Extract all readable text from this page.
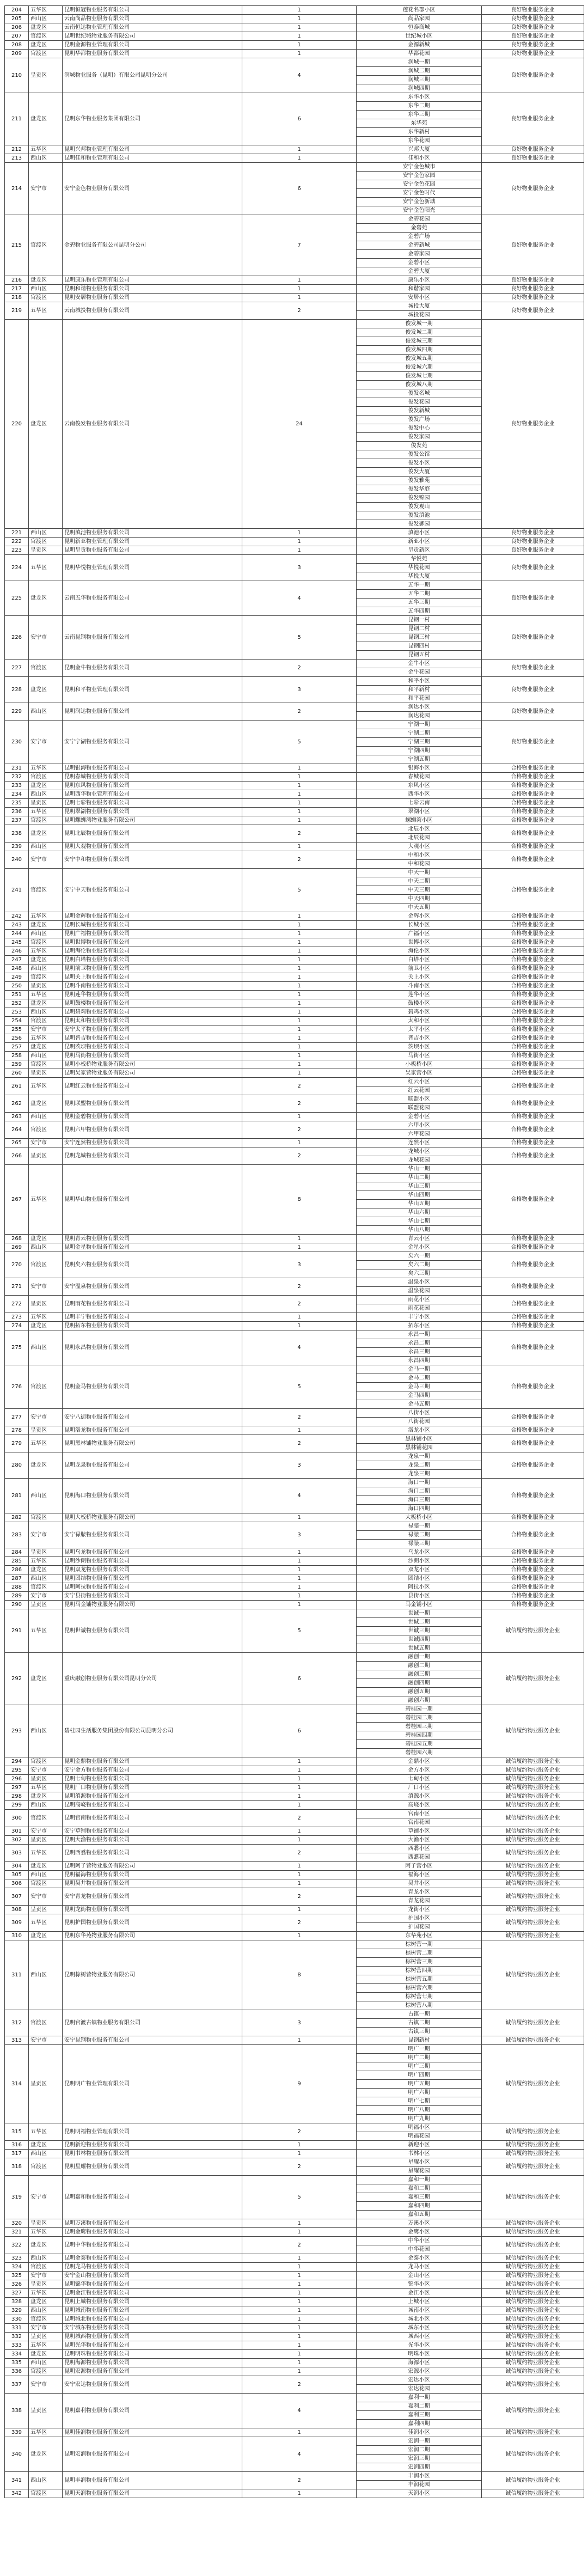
204	五华区	昆明恒冠物业服务有限公司	1	莲花名郡小区	良好物业服务企业
205	西山区	云南尚品物业服务有限公司	1	尚品家园	良好物业服务企业
206	盘龙区	云南恒达物业管理有限公司	1	恒泰商城	良好物业服务企业
207	官渡区	昆明世纪城物业服务有限公司	1	世纪城小区	良好物业服务企业
208	盘龙区	昆明金源物业管理有限公司	1	金源新城	良好物业服务企业
209	官渡区	昆明华都物业服务有限公司	1	华都花园	良好物业服务企业
210	呈贡区	润城物业服务（昆明）有限公司昆明分公司	4	润城一期	良好物业服务企业
				润城二期	
				润城三期	
				润城四期	
211	盘龙区	昆明东华物业服务集团有限公司	6	东华小区	良好物业服务企业
				东华二期	
				东华三期	
				东华苑	
				东华新村	
				东华花园	
212	五华区	昆明兴邦物业管理有限公司	1	兴邦大厦	良好物业服务企业
213	西山区	昆明佳和物业管理有限公司	1	佳和小区	良好物业服务企业
214	安宁市	安宁金色物业服务有限公司	6	安宁金色城市	良好物业服务企业
				安宁金色家园	
				安宁金色花园	
				安宁金色时代	
				安宁金色新城	
				安宁金色阳光	
215	官渡区	金碧物业服务有限公司昆明分公司	7	金碧花园	良好物业服务企业
				金碧苑	
				金碧广场	
				金碧新城	
				金碧家园	
				金碧小区	
				金碧大厦	
216	盘龙区	昆明康乐物业管理有限公司	1	康乐小区	良好物业服务企业
217	西山区	昆明和谐物业服务有限公司	1	和谐家园	良好物业服务企业
218	官渡区	昆明安居物业服务有限公司	1	安居小区	良好物业服务企业
219	五华区	云南城投物业服务有限公司	2	城投大厦	良好物业服务企业
				城投花园	
220	盘龙区	云南俊发物业服务有限公司	24	俊发城一期	良好物业服务企业
				俊发城二期	
				俊发城三期	
				俊发城四期	
				俊发城五期	
				俊发城六期	
				俊发城七期	
				俊发城八期	
				俊发名城	
				俊发花园	
				俊发新城	
				俊发广场	
				俊发中心	
				俊发家园	
				俊发苑	
				俊发公馆	
				俊发小区	
				俊发大厦	
				俊发雅苑	
				俊发华庭	
				俊发锦园	
				俊发观山	
				俊发滇池	
				俊发御园	
221	西山区	昆明滇池物业服务有限公司	1	滇池小区	良好物业服务企业
222	官渡区	昆明新亚物业管理有限公司	1	新亚小区	良好物业服务企业
223	呈贡区	昆明呈贡物业服务有限公司	1	呈贡新区	良好物业服务企业
224	五华区	昆明华悦物业管理有限公司	3	华悦苑	良好物业服务企业
				华悦花园	
				华悦大厦	
225	盘龙区	云南五华物业服务有限公司	4	五华一期	良好物业服务企业
				五华二期	
				五华三期	
				五华四期	
226	安宁市	云南昆钢物业服务有限公司	5	昆钢一村	良好物业服务企业
				昆钢二村	
				昆钢三村	
				昆钢四村	
				昆钢五村	
227	官渡区	昆明金牛物业服务有限公司	2	金牛小区	良好物业服务企业
				金牛花园	
228	盘龙区	昆明和平物业管理有限公司	3	和平小区	良好物业服务企业
				和平新村	
				和平花园	
229	西山区	昆明润达物业服务有限公司	2	润达小区	良好物业服务企业
				润达花园	
230	安宁市	安宁宁湖物业服务有限公司	5	宁湖一期	良好物业服务企业
				宁湖二期	
				宁湖三期	
				宁湖四期	
				宁湖五期	
231	五华区	昆明银海物业服务有限公司	1	银海小区	合格物业服务企业
232	官渡区	昆明春城物业服务有限公司	1	春城花园	合格物业服务企业
233	盘龙区	昆明东风物业服务有限公司	1	东风小区	合格物业服务企业
234	西山区	昆明西华物业管理有限公司	1	西华小区	合格物业服务企业
235	呈贡区	昆明七彩物业服务有限公司	1	七彩云南	合格物业服务企业
236	五华区	昆明翠湖物业服务有限公司	1	翠湖小区	合格物业服务企业
237	官渡区	昆明螺蛳湾物业服务有限公司	1	螺蛳湾小区	合格物业服务企业
238	盘龙区	昆明北辰物业服务有限公司	2	北辰小区	合格物业服务企业
				北辰花园	
239	西山区	昆明大观物业服务有限公司	1	大观小区	合格物业服务企业
240	安宁市	安宁中和物业服务有限公司	2	中和小区	合格物业服务企业
				中和花园	
241	官渡区	安宁中天物业服务有限公司	5	中天一期	合格物业服务企业
				中天二期	
				中天三期	
				中天四期	
				中天五期	
242	五华区	昆明金辉物业服务有限公司	1	金辉小区	合格物业服务企业
243	盘龙区	昆明长城物业服务有限公司	1	长城小区	合格物业服务企业
244	西山区	昆明广福物业服务有限公司	1	广福小区	合格物业服务企业
245	官渡区	昆明世博物业服务有限公司	1	世博小区	合格物业服务企业
246	五华区	昆明海伦物业服务有限公司	1	海伦小区	合格物业服务企业
247	盘龙区	昆明白塔物业服务有限公司	1	白塔小区	合格物业服务企业
248	西山区	昆明前卫物业服务有限公司	1	前卫小区	合格物业服务企业
249	官渡区	昆明关上物业服务有限公司	1	关上小区	合格物业服务企业
250	呈贡区	昆明斗南物业服务有限公司	1	斗南小区	合格物业服务企业
251	五华区	昆明莲华物业服务有限公司	1	莲华小区	合格物业服务企业
252	盘龙区	昆明鼓楼物业服务有限公司	1	鼓楼小区	合格物业服务企业
253	西山区	昆明碧鸡物业服务有限公司	1	碧鸡小区	合格物业服务企业
254	官渡区	昆明太和物业服务有限公司	1	太和小区	合格物业服务企业
255	安宁市	安宁太平物业服务有限公司	1	太平小区	合格物业服务企业
256	五华区	昆明普吉物业服务有限公司	1	普吉小区	合格物业服务企业
257	盘龙区	昆明茨坝物业服务有限公司	1	茨坝小区	合格物业服务企业
258	西山区	昆明马街物业服务有限公司	1	马街小区	合格物业服务企业
259	官渡区	昆明小板桥物业服务有限公司	1	小板桥小区	合格物业服务企业
260	呈贡区	昆明吴家营物业服务有限公司	1	吴家营小区	合格物业服务企业
261	五华区	昆明红云物业服务有限公司	2	红云小区	合格物业服务企业
				红云花园	
262	盘龙区	昆明联盟物业服务有限公司	2	联盟小区	合格物业服务企业
				联盟花园	
263	西山区	昆明金碧物业服务有限公司	1	金碧小区	合格物业服务企业
264	官渡区	昆明六甲物业服务有限公司	2	六甲小区	合格物业服务企业
				六甲花园	
265	安宁市	安宁连然物业服务有限公司	1	连然小区	合格物业服务企业
266	呈贡区	昆明龙城物业服务有限公司	2	龙城小区	合格物业服务企业
				龙城花园	
267	五华区	昆明华山物业服务有限公司	8	华山一期	合格物业服务企业
				华山二期	
				华山三期	
				华山四期	
				华山五期	
				华山六期	
				华山七期	
				华山八期	
268	盘龙区	昆明青云物业服务有限公司	1	青云小区	合格物业服务企业
269	西山区	昆明金星物业服务有限公司	1	金星小区	合格物业服务企业
270	官渡区	昆明矣六物业服务有限公司	3	矣六一期	合格物业服务企业
				矣六二期	
				矣六三期	
271	安宁市	安宁温泉物业服务有限公司	2	温泉小区	合格物业服务企业
				温泉花园	
272	呈贡区	昆明雨花物业服务有限公司	2	雨花小区	合格物业服务企业
				雨花花园	
273	五华区	昆明丰宁物业服务有限公司	1	丰宁小区	合格物业服务企业
274	盘龙区	昆明拓东物业服务有限公司	1	拓东小区	合格物业服务企业
275	西山区	昆明永昌物业服务有限公司	4	永昌一期	合格物业服务企业
				永昌二期	
				永昌三期	
				永昌四期	
276	官渡区	昆明金马物业服务有限公司	5	金马一期	合格物业服务企业
				金马二期	
				金马三期	
				金马四期	
				金马五期	
277	安宁市	安宁八街物业服务有限公司	2	八街小区	合格物业服务企业
				八街花园	
278	呈贡区	昆明洛龙物业服务有限公司	1	洛龙小区	合格物业服务企业
279	五华区	昆明黑林铺物业服务有限公司	2	黑林铺小区	合格物业服务企业
				黑林铺花园	
280	盘龙区	昆明龙泉物业服务有限公司	3	龙泉一期	合格物业服务企业
				龙泉二期	
				龙泉三期	
281	西山区	昆明海口物业服务有限公司	4	海口一期	合格物业服务企业
				海口二期	
				海口三期	
				海口四期	
282	官渡区	昆明大板桥物业服务有限公司	1	大板桥小区	合格物业服务企业
283	安宁市	安宁禄脿物业服务有限公司	3	禄脿一期	合格物业服务企业
				禄脿二期	
				禄脿三期	
284	呈贡区	昆明乌龙物业服务有限公司	1	乌龙小区	合格物业服务企业
285	五华区	昆明沙朗物业服务有限公司	1	沙朗小区	合格物业服务企业
286	盘龙区	昆明双龙物业服务有限公司	1	双龙小区	合格物业服务企业
287	西山区	昆明团结物业服务有限公司	1	团结小区	合格物业服务企业
288	官渡区	昆明阿拉物业服务有限公司	1	阿拉小区	合格物业服务企业
289	安宁市	安宁县街物业服务有限公司	1	县街小区	合格物业服务企业
290	呈贡区	昆明马金铺物业服务有限公司	1	马金铺小区	合格物业服务企业
291	五华区	昆明世诚物业服务有限公司	5	世诚一期	诚信履约物业服务企业
				世诚二期	
				世诚三期	
				世诚四期	
				世诚五期	
292	盘龙区	重庆融创物业服务有限公司昆明分公司	6	融创一期	诚信履约物业服务企业
				融创二期	
				融创三期	
				融创四期	
				融创五期	
				融创六期	
293	西山区	碧桂园生活服务集团股份有限公司昆明分公司	6	碧桂园一期	诚信履约物业服务企业
				碧桂园二期	
				碧桂园三期	
				碧桂园四期	
				碧桂园五期	
				碧桂园六期	
294	官渡区	昆明金鼎物业服务有限公司	1	金鼎小区	诚信履约物业服务企业
295	安宁市	安宁金方物业服务有限公司	1	金方小区	诚信履约物业服务企业
296	呈贡区	昆明七甸物业服务有限公司	1	七甸小区	诚信履约物业服务企业
297	五华区	昆明厂口物业服务有限公司	1	厂口小区	诚信履约物业服务企业
298	盘龙区	昆明滇源物业服务有限公司	1	滇源小区	诚信履约物业服务企业
299	西山区	昆明高峣物业服务有限公司	1	高峣小区	诚信履约物业服务企业
300	官渡区	昆明官南物业服务有限公司	2	官南小区	诚信履约物业服务企业
				官南花园	
301	安宁市	安宁草铺物业服务有限公司	1	草铺小区	诚信履约物业服务企业
302	呈贡区	昆明大渔物业服务有限公司	1	大渔小区	诚信履约物业服务企业
303	五华区	昆明西翥物业服务有限公司	2	西翥小区	诚信履约物业服务企业
				西翥花园	
304	盘龙区	昆明阿子营物业服务有限公司	1	阿子营小区	诚信履约物业服务企业
305	西山区	昆明福海物业服务有限公司	1	福海小区	诚信履约物业服务企业
306	官渡区	昆明吴井物业服务有限公司	1	吴井小区	诚信履约物业服务企业
307	安宁市	安宁青龙物业服务有限公司	2	青龙小区	诚信履约物业服务企业
				青龙花园	
308	呈贡区	昆明龙街物业服务有限公司	1	龙街小区	诚信履约物业服务企业
309	五华区	昆明护国物业服务有限公司	2	护国小区	诚信履约物业服务企业
				护国花园	
310	盘龙区	昆明东华苑物业服务有限公司	1	东华苑小区	诚信履约物业服务企业
311	西山区	昆明棕树营物业服务有限公司	8	棕树营一期	诚信履约物业服务企业
				棕树营二期	
				棕树营三期	
				棕树营四期	
				棕树营五期	
				棕树营六期	
				棕树营七期	
				棕树营八期	
312	官渡区	昆明官渡古镇物业服务有限公司	3	古镇一期	诚信履约物业服务企业
				古镇二期	
				古镇三期	
313	安宁市	安宁昆钢物业服务有限公司	1	昆钢新村	诚信履约物业服务企业
314	呈贡区	昆明明广物业管理有限公司	9	明广一期	诚信履约物业服务企业
				明广二期	
				明广三期	
				明广四期	
				明广五期	
				明广六期	
				明广七期	
				明广八期	
				明广九期	
315	五华区	昆明明福物业管理有限公司	2	明福小区	诚信履约物业服务企业
				明福花园	
316	盘龙区	昆明新迎物业服务有限公司	1	新迎小区	诚信履约物业服务企业
317	西山区	昆明书林物业服务有限公司	1	书林小区	诚信履约物业服务企业
318	官渡区	昆明星耀物业服务有限公司	2	星耀小区	诚信履约物业服务企业
				星耀花园	
319	安宁市	昆明嘉和物业服务有限公司	5	嘉和一期	诚信履约物业服务企业
				嘉和二期	
				嘉和三期	
				嘉和四期	
				嘉和五期	
320	呈贡区	昆明万溪物业服务有限公司	1	万溪小区	诚信履约物业服务企业
321	五华区	昆明金鹰物业服务有限公司	1	金鹰小区	诚信履约物业服务企业
322	盘龙区	昆明中华物业服务有限公司	2	中华小区	诚信履约物业服务企业
				中华花园	
323	西山区	昆明金泰物业服务有限公司	1	金泰小区	诚信履约物业服务企业
324	官渡区	昆明龙马物业服务有限公司	1	龙马小区	诚信履约物业服务企业
325	安宁市	安宁金山物业服务有限公司	1	金山小区	诚信履约物业服务企业
326	呈贡区	昆明锦华物业服务有限公司	1	锦华小区	诚信履约物业服务企业
327	五华区	昆明金江物业服务有限公司	1	金江小区	诚信履约物业服务企业
328	盘龙区	昆明上城物业服务有限公司	1	上城小区	诚信履约物业服务企业
329	西山区	昆明城南物业服务有限公司	1	城南小区	诚信履约物业服务企业
330	官渡区	昆明城北物业服务有限公司	1	城北小区	诚信履约物业服务企业
331	安宁市	安宁城东物业服务有限公司	1	城东小区	诚信履约物业服务企业
332	呈贡区	昆明城西物业服务有限公司	1	城西小区	诚信履约物业服务企业
333	五华区	昆明光华物业服务有限公司	1	光华小区	诚信履约物业服务企业
334	盘龙区	昆明明珠物业服务有限公司	1	明珠小区	诚信履约物业服务企业
335	西山区	昆明海源物业服务有限公司	1	海源小区	诚信履约物业服务企业
336	官渡区	昆明宏源物业服务有限公司	1	宏源小区	诚信履约物业服务企业
337	安宁市	安宁宏达物业服务有限公司	2	宏达小区	诚信履约物业服务企业
				宏达花园	
338	呈贡区	昆明嘉利物业服务有限公司	4	嘉利一期	诚信履约物业服务企业
				嘉利二期	
				嘉利三期	
				嘉利四期	
339	五华区	昆明佳润物业服务有限公司	1	佳润小区	诚信履约物业服务企业
340	盘龙区	昆明宏润物业服务有限公司	4	宏润一期	诚信履约物业服务企业
				宏润二期	
				宏润三期	
				宏润四期	
341	西山区	昆明丰润物业服务有限公司	2	丰润小区	诚信履约物业服务企业
				丰润花园	
342	官渡区	昆明天润物业服务有限公司	1	天润小区	诚信履约物业服务企业
